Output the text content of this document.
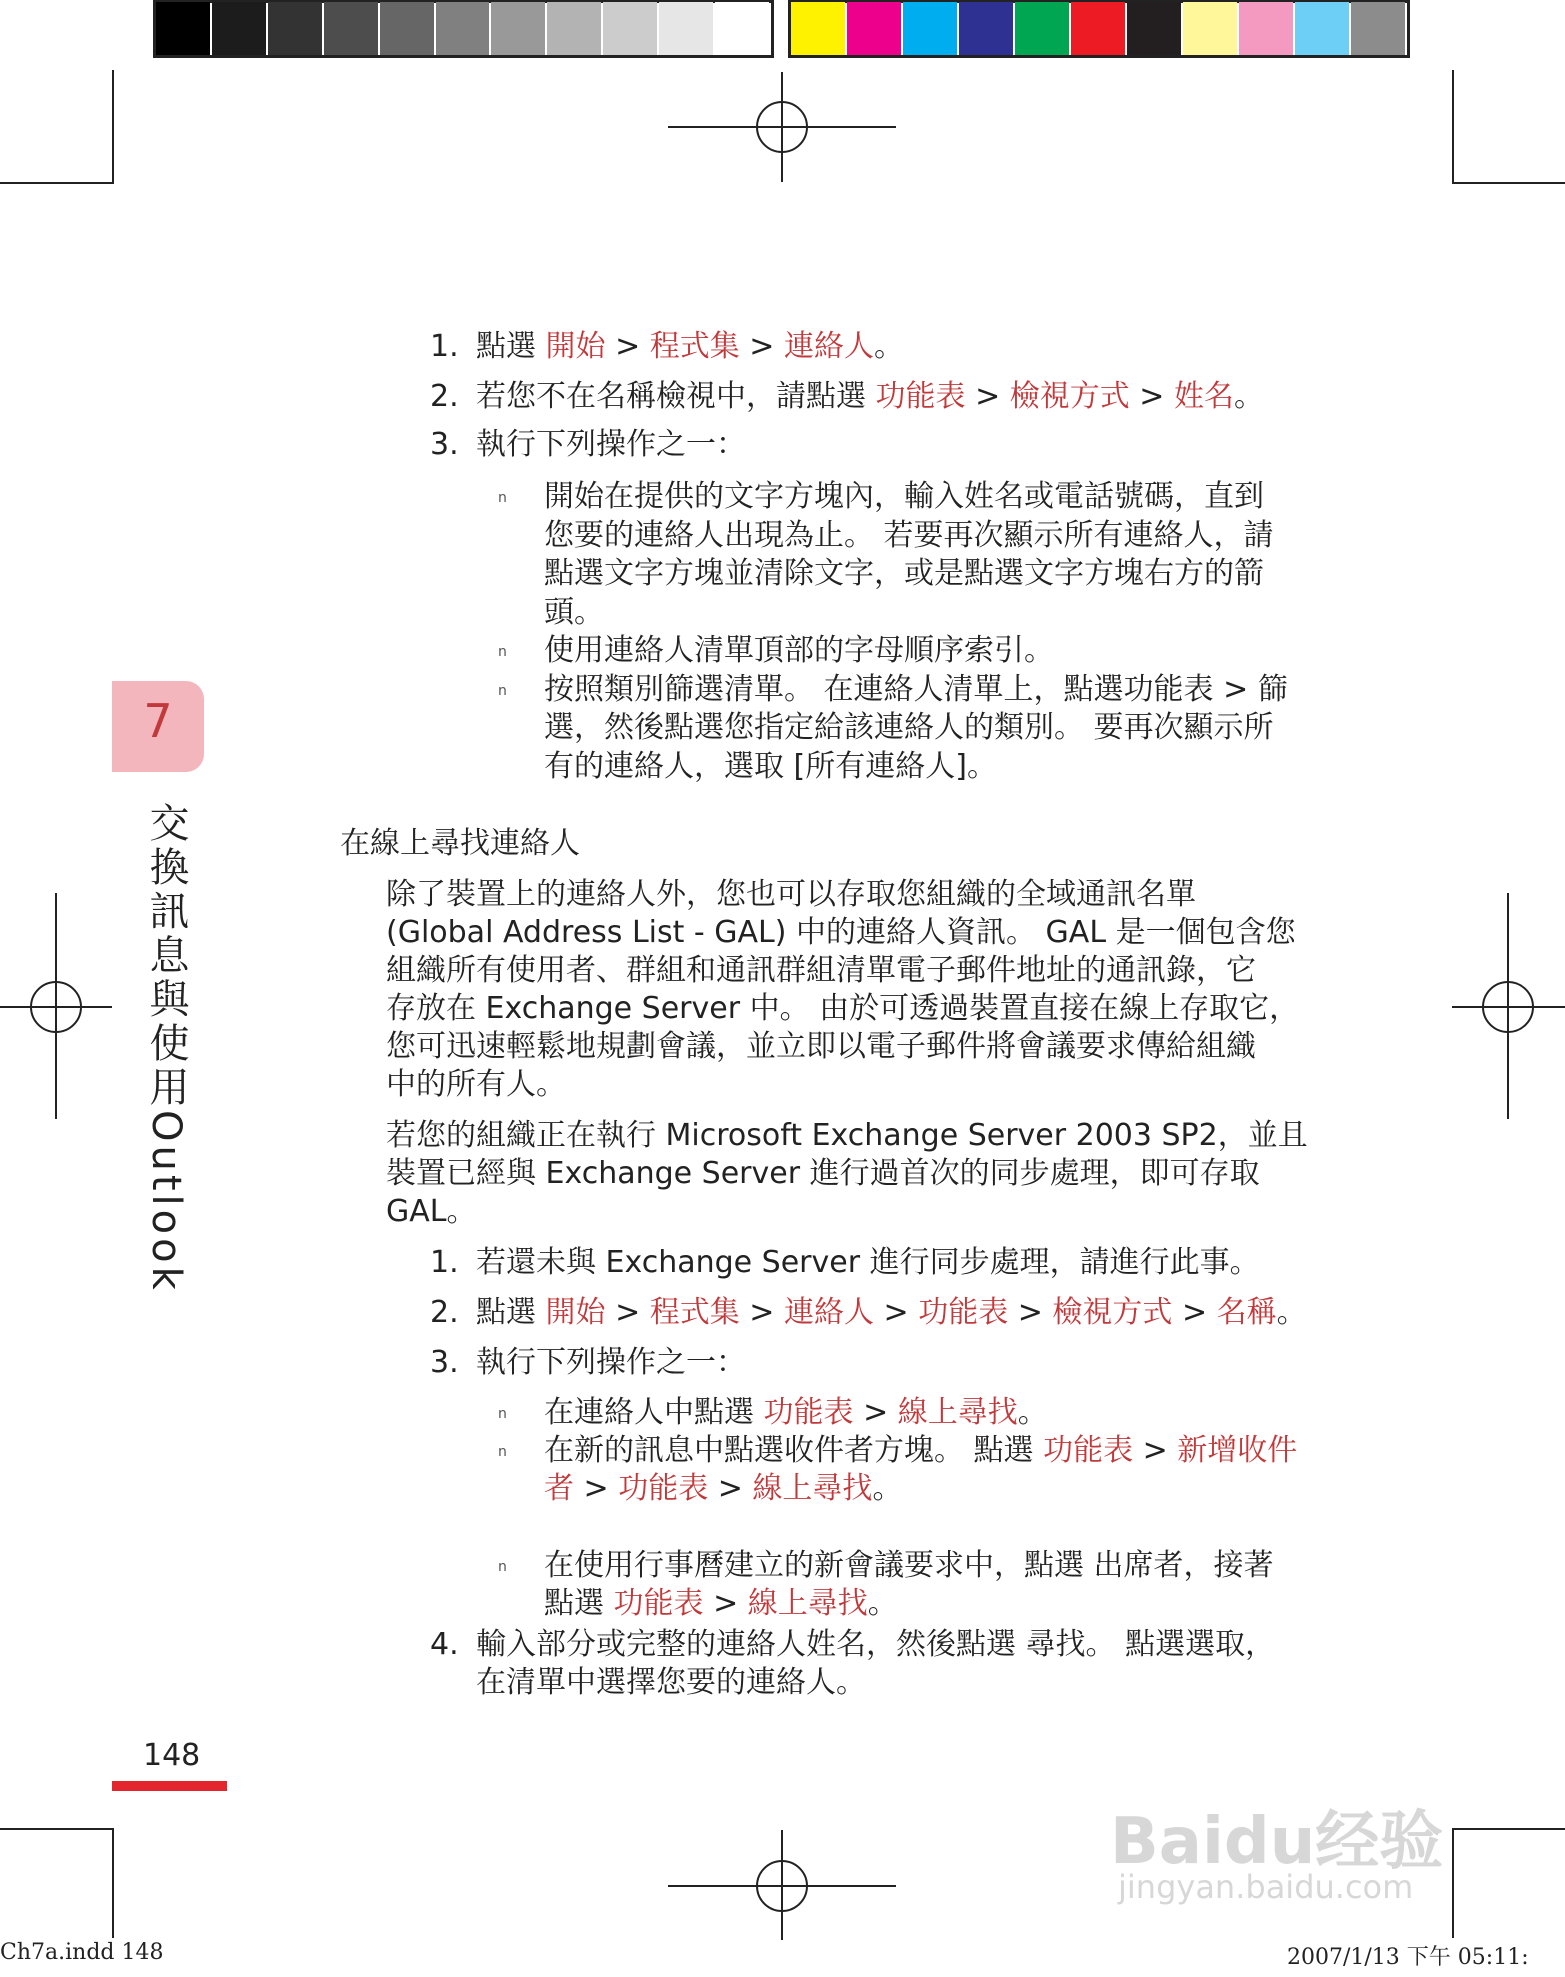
7
交換訊息與使用Outlook
1. 點選 開始 > 程式集 > 連絡人。
2. 若您不在名稱檢視中，請點選 功能表 > 檢視方式 > 姓名。
3. 執行下列操作之一：
n 開始在提供的文字方塊內，輸入姓名或電話號碼，直到
您要的連絡人出現為止。 若要再次顯示所有連絡人，請
點選文字方塊並清除文字，或是點選文字方塊右方的箭
頭。
n 使用連絡人清單頂部的字母順序索引。
n 按照類別篩選清單。 在連絡人清單上，點選功能表 > 篩
選，然後點選您指定給該連絡人的類別。 要再次顯示所
有的連絡人，選取 [所有連絡人]。
除了裝置上的連絡人外，您也可以存取您組織的全域通訊名單
(Global Address List - GAL) 中的連絡人資訊。 GAL 是一個包含您
組織所有使用者、群組和通訊群組清單電子郵件地址的通訊錄，它
存放在 Exchange Server 中。 由於可透過裝置直接在線上存取它，
您可迅速輕鬆地規劃會議，並立即以電子郵件將會議要求傳給組織
中的所有人。
若您的組織正在執行 Microsoft Exchange Server 2003 SP2，並且
裝置已經與 Exchange Server 進行過首次的同步處理，即可存取
GAL。
1. 若還未與 Exchange Server 進行同步處理，請進行此事。
2. 點選 開始 > 程式集 > 連絡人 > 功能表 > 檢視方式 > 名稱。
3. 執行下列操作之一：
n 在連絡人中點選 功能表 > 線上尋找。
n 在新的訊息中點選收件者方塊。 點選 功能表 > 新增收件
者 > 功能表 > 線上尋找。
n 在使用行事曆建立的新會議要求中，點選 出席者，接著
點選 功能表 > 線上尋找。
4. 輸入部分或完整的連絡人姓名，然後點選 尋找。 點選選取，
在清單中選擇您要的連絡人。
在線上尋找連絡人
148
Ch7a.indd 148	2007/1/13 下午 05:11:
Baidu经验
jingyan.baidu.com
